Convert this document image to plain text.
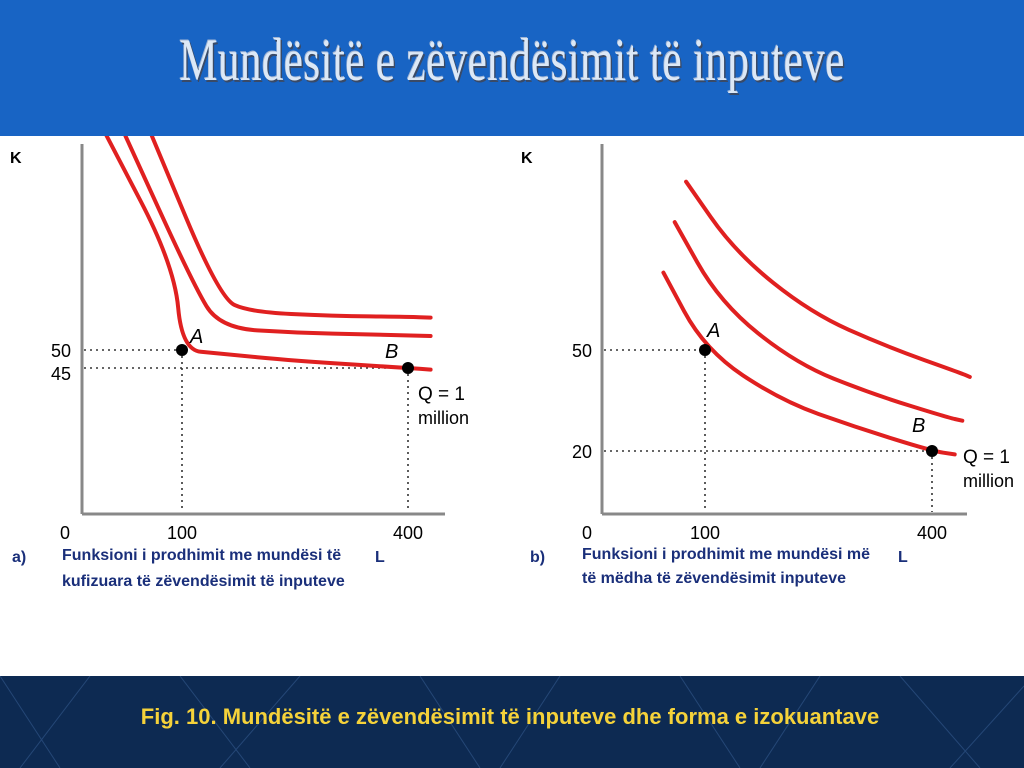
Mundësitë e zëvendësimit të inputeve
K
0	100	400
50
45
A
B
Q = 1
million
K
0	100	400
50
20
A
B
Q = 1
million
a) Funksioni i prodhimit me mundësi të kufizuara të zëvendësimit të inputeve
L	b) Funksioni i prodhimit me mundësi më të mëdha të zëvendësimit inputeve
L
Fig. 10. Mundësitë e zëvendësimit të inputeve dhe forma e izokuantave
